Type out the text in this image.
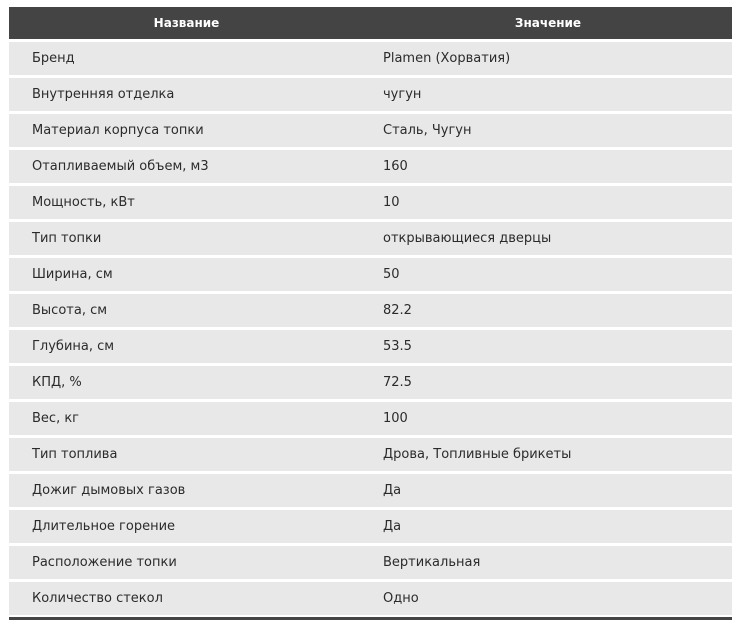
Название	Значение
Бренд	Plamen (Хорватия)
Внутренняя отделка	чугун
Материал корпуса топки	Сталь, Чугун
Отапливаемый объем, м3	160
Мощность, кВт	10
Тип топки	открывающиеся дверцы
Ширина, см	50
Высота, см	82.2
Глубина, см	53.5
КПД, %	72.5
Вес, кг	100
Тип топлива	Дрова, Топливные брикеты
Дожиг дымовых газов	Да
Длительное горение	Да
Расположение топки	Вертикальная
Количество стекол	Одно
